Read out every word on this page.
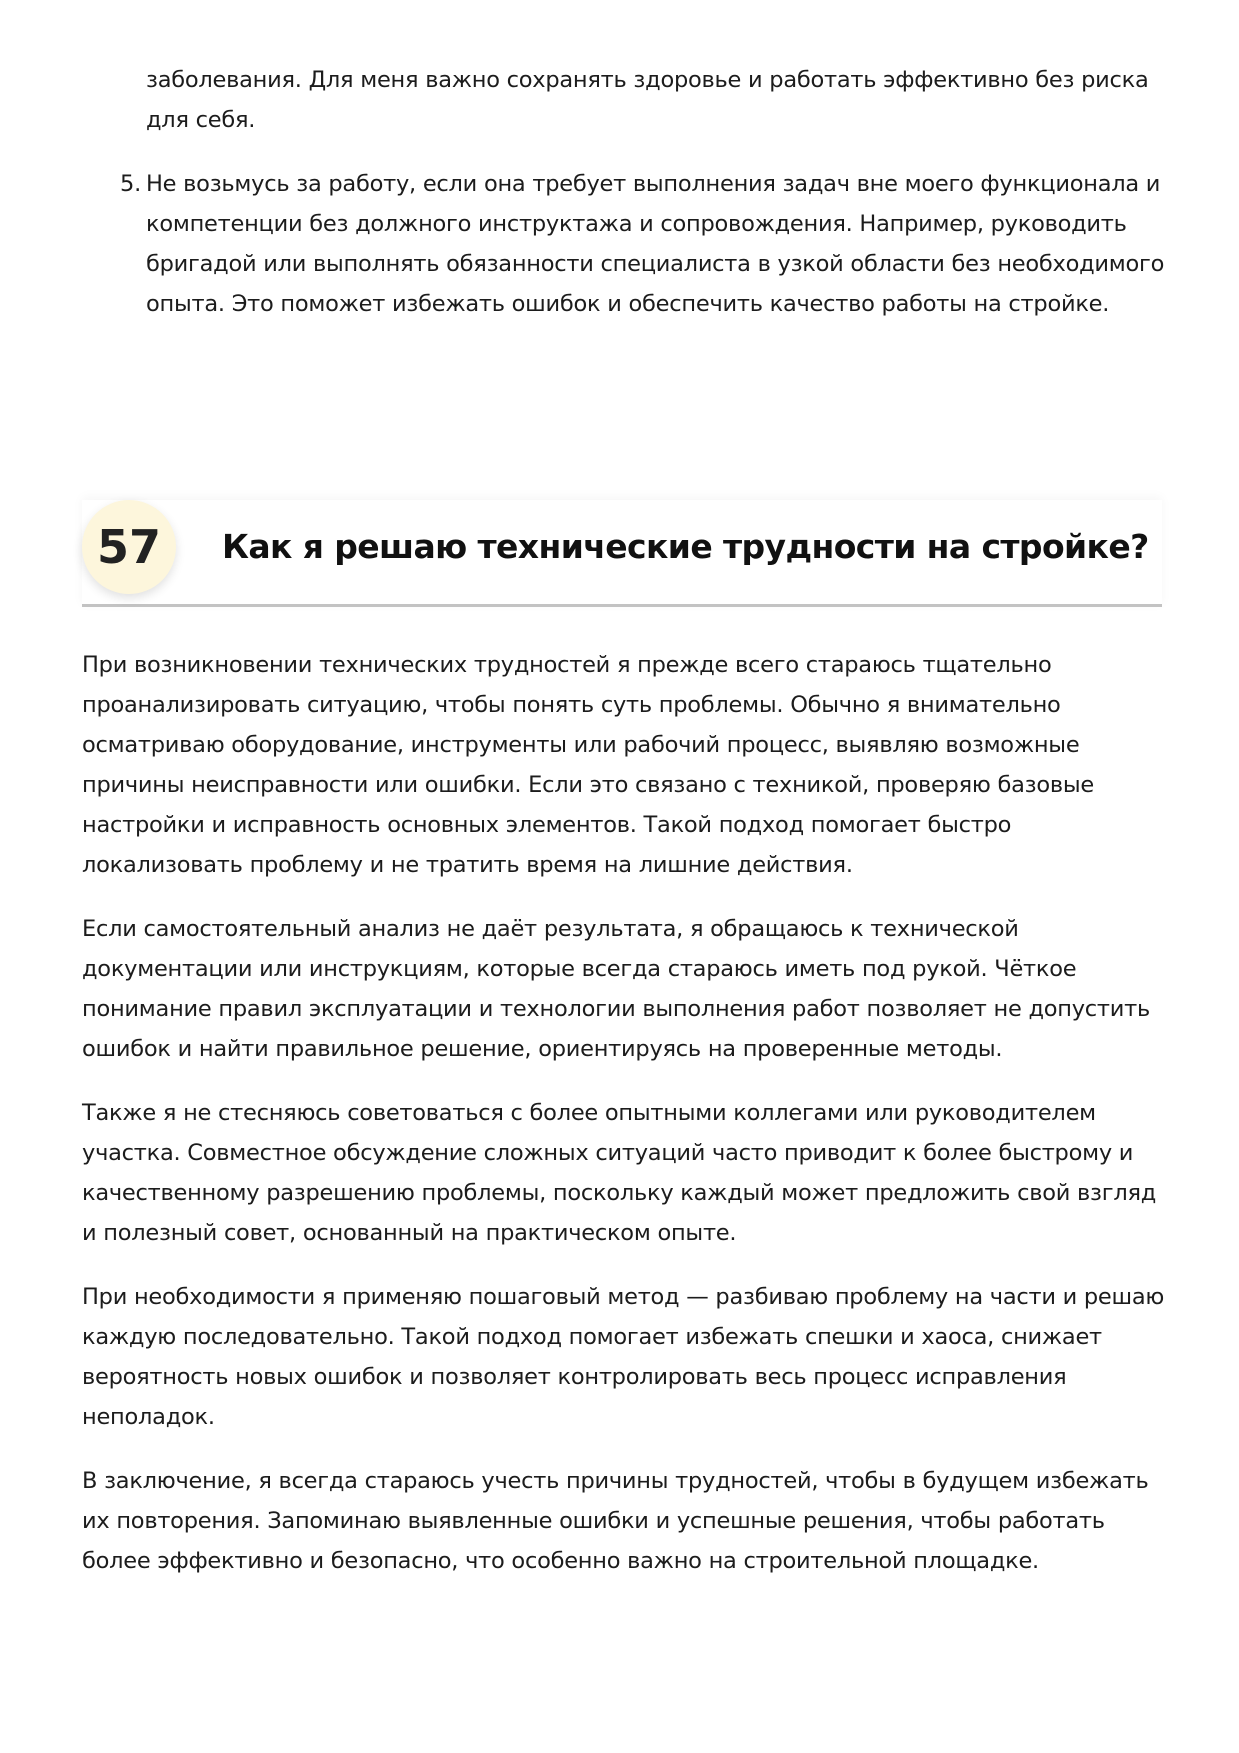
заболевания. Для меня важно сохранять здоровье и работать эффективно без риска для себя.
5. Не возьмусь за работу, если она требует выполнения задач вне моего функционала и компетенции без должного инструктажа и сопровождения. Например, руководить бригадой или выполнять обязанности специалиста в узкой области без необходимого опыта. Это поможет избежать ошибок и обеспечить качество работы на стройке.
57	Как я решаю технические трудности на стройке?

При возникновении технических трудностей я прежде всего стараюсь тщательно проанализировать ситуацию, чтобы понять суть проблемы. Обычно я внимательно осматриваю оборудование, инструменты или рабочий процесс, выявляю возможные причины неисправности или ошибки. Если это связано с техникой, проверяю базовые настройки и исправность основных элементов. Такой подход помогает быстро локализовать проблему и не тратить время на лишние действия.

Если самостоятельный анализ не даёт результата, я обращаюсь к технической документации или инструкциям, которые всегда стараюсь иметь под рукой. Чёткое понимание правил эксплуатации и технологии выполнения работ позволяет не допустить ошибок и найти правильное решение, ориентируясь на проверенные методы.

Также я не стесняюсь советоваться с более опытными коллегами или руководителем участка. Совместное обсуждение сложных ситуаций часто приводит к более быстрому и качественному разрешению проблемы, поскольку каждый может предложить свой взгляд и полезный совет, основанный на практическом опыте.

При необходимости я применяю пошаговый метод — разбиваю проблему на части и решаю каждую последовательно. Такой подход помогает избежать спешки и хаоса, снижает вероятность новых ошибок и позволяет контролировать весь процесс исправления неполадок.

В заключение, я всегда стараюсь учесть причины трудностей, чтобы в будущем избежать их повторения. Запоминаю выявленные ошибки и успешные решения, чтобы работать более эффективно и безопасно, что особенно важно на строительной площадке.
